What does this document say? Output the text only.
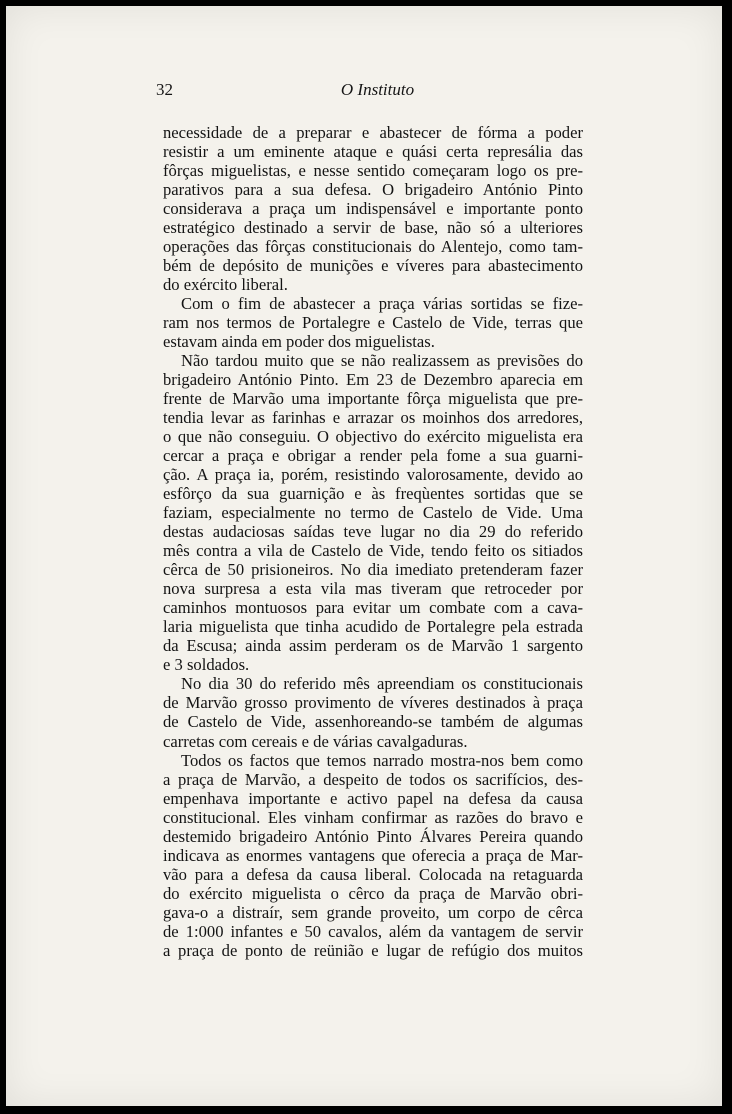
32	O Instituto

necessidade de a preparar e abastecer de fórma a poder
resistir a um eminente ataque e quási certa represália das
fôrças miguelistas, e nesse sentido começaram logo os pre-
parativos para a sua defesa. O brigadeiro António Pinto
considerava a praça um indispensável e importante ponto
estratégico destinado a servir de base, não só a ulteriores
operações das fôrças constitucionais do Alentejo, como tam-
bém de depósito de munições e víveres para abastecimento
do exército liberal.

Com o fim de abastecer a praça várias sortidas se fize-
ram nos termos de Portalegre e Castelo de Vide, terras que
estavam ainda em poder dos miguelistas.

Não tardou muito que se não realizassem as previsões do
brigadeiro António Pinto. Em 23 de Dezembro aparecia em
frente de Marvão uma importante fôrça miguelista que pre-
tendia levar as farinhas e arrazar os moinhos dos arredores,
o que não conseguiu. O objectivo do exército miguelista era
cercar a praça e obrigar a render pela fome a sua guarni-
ção. A praça ia, porém, resistindo valorosamente, devido ao
esfôrço da sua guarnição e às freqùentes sortidas que se
faziam, especialmente no termo de Castelo de Vide. Uma
destas audaciosas saídas teve lugar no dia 29 do referido
mês contra a vila de Castelo de Vide, tendo feito os sitiados
cêrca de 50 prisioneiros. No dia imediato pretenderam fazer
nova surpresa a esta vila mas tiveram que retroceder por
caminhos montuosos para evitar um combate com a cava-
laria miguelista que tinha acudido de Portalegre pela estrada
da Escusa; ainda assim perderam os de Marvão 1 sargento
e 3 soldados.

No dia 30 do referido mês apreendiam os constitucionais
de Marvão grosso provimento de víveres destinados à praça
de Castelo de Vide, assenhoreando-se também de algumas
carretas com cereais e de várias cavalgaduras.

Todos os factos que temos narrado mostra-nos bem como
a praça de Marvão, a despeito de todos os sacrifícios, des-
empenhava importante e activo papel na defesa da causa
constitucional. Eles vinham confirmar as razões do bravo e
destemido brigadeiro António Pinto Álvares Pereira quando
indicava as enormes vantagens que oferecia a praça de Mar-
vão para a defesa da causa liberal. Colocada na retaguarda
do exército miguelista o cêrco da praça de Marvão obri-
gava-o a distraír, sem grande proveito, um corpo de cêrca
de 1:000 infantes e 50 cavalos, além da vantagem de servir
a praça de ponto de reünião e lugar de refúgio dos muitos
